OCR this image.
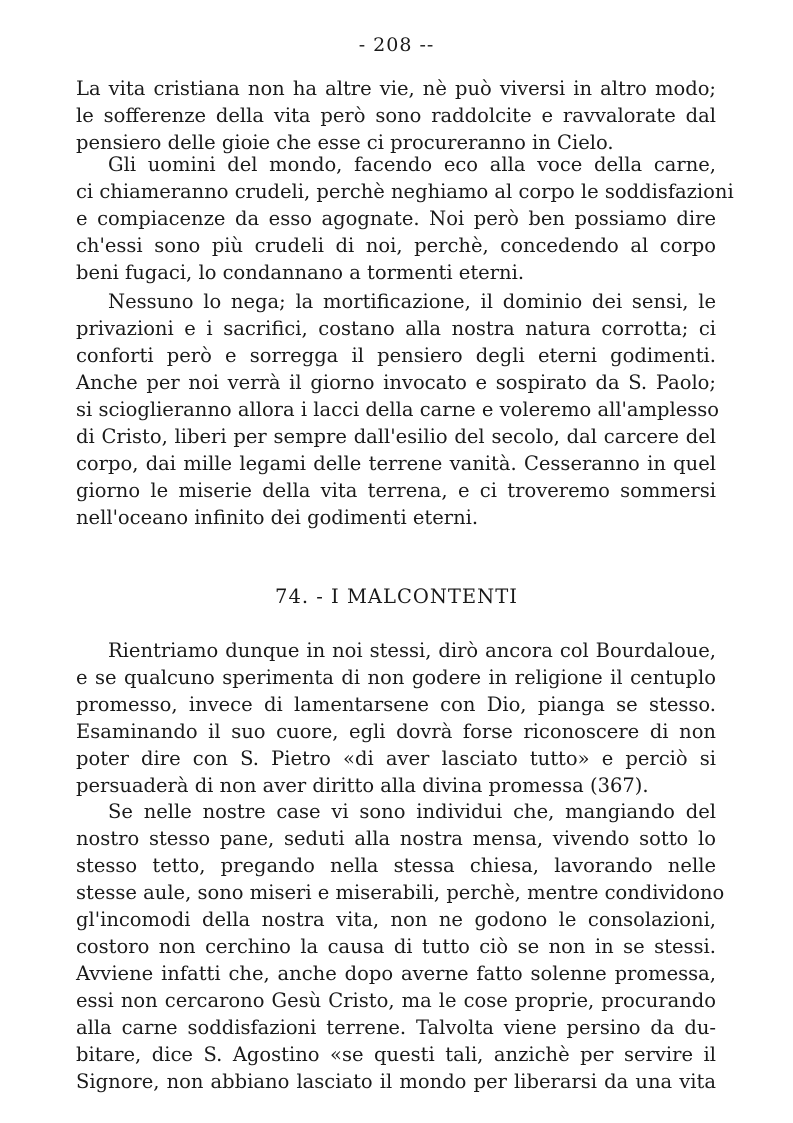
- 208 --
La vita cristiana non ha altre vie, nè può viversi in altro modo;
le sofferenze della vita però sono raddolcite e ravvalorate dal
pensiero delle gioie che esse ci procureranno in Cielo.
Gli uomini del mondo, facendo eco alla voce della carne,
ci chiameranno crudeli, perchè neghiamo al corpo le soddisfazioni
e compiacenze da esso agognate. Noi però ben possiamo dire
ch'essi sono più crudeli di noi, perchè, concedendo al corpo
beni fugaci, lo condannano a tormenti eterni.
Nessuno lo nega; la mortificazione, il dominio dei sensi, le
privazioni e i sacrifici, costano alla nostra natura corrotta; ci
conforti però e sorregga il pensiero degli eterni godimenti.
Anche per noi verrà il giorno invocato e sospirato da S. Paolo;
si scioglieranno allora i lacci della carne e voleremo all'amplesso
di Cristo, liberi per sempre dall'esilio del secolo, dal carcere del
corpo, dai mille legami delle terrene vanità. Cesseranno in quel
giorno le miserie della vita terrena, e ci troveremo sommersi
nell'oceano infinito dei godimenti eterni.
74. - I MALCONTENTI
Rientriamo dunque in noi stessi, dirò ancora col Bourdaloue,
e se qualcuno sperimenta di non godere in religione il centuplo
promesso, invece di lamentarsene con Dio, pianga se stesso.
Esaminando il suo cuore, egli dovrà forse riconoscere di non
poter dire con S. Pietro «di aver lasciato tutto» e perciò si
persuaderà di non aver diritto alla divina promessa (367).
Se nelle nostre case vi sono individui che, mangiando del
nostro stesso pane, seduti alla nostra mensa, vivendo sotto lo
stesso tetto, pregando nella stessa chiesa, lavorando nelle
stesse aule, sono miseri e miserabili, perchè, mentre condividono
gl'incomodi della nostra vita, non ne godono le consolazioni,
costoro non cerchino la causa di tutto ciò se non in se stessi.
Avviene infatti che, anche dopo averne fatto solenne promessa,
essi non cercarono Gesù Cristo, ma le cose proprie, procurando
alla carne soddisfazioni terrene. Talvolta viene persino da du-
bitare, dice S. Agostino «se questi tali, anzichè per servire il
Signore, non abbiano lasciato il mondo per liberarsi da una vita
